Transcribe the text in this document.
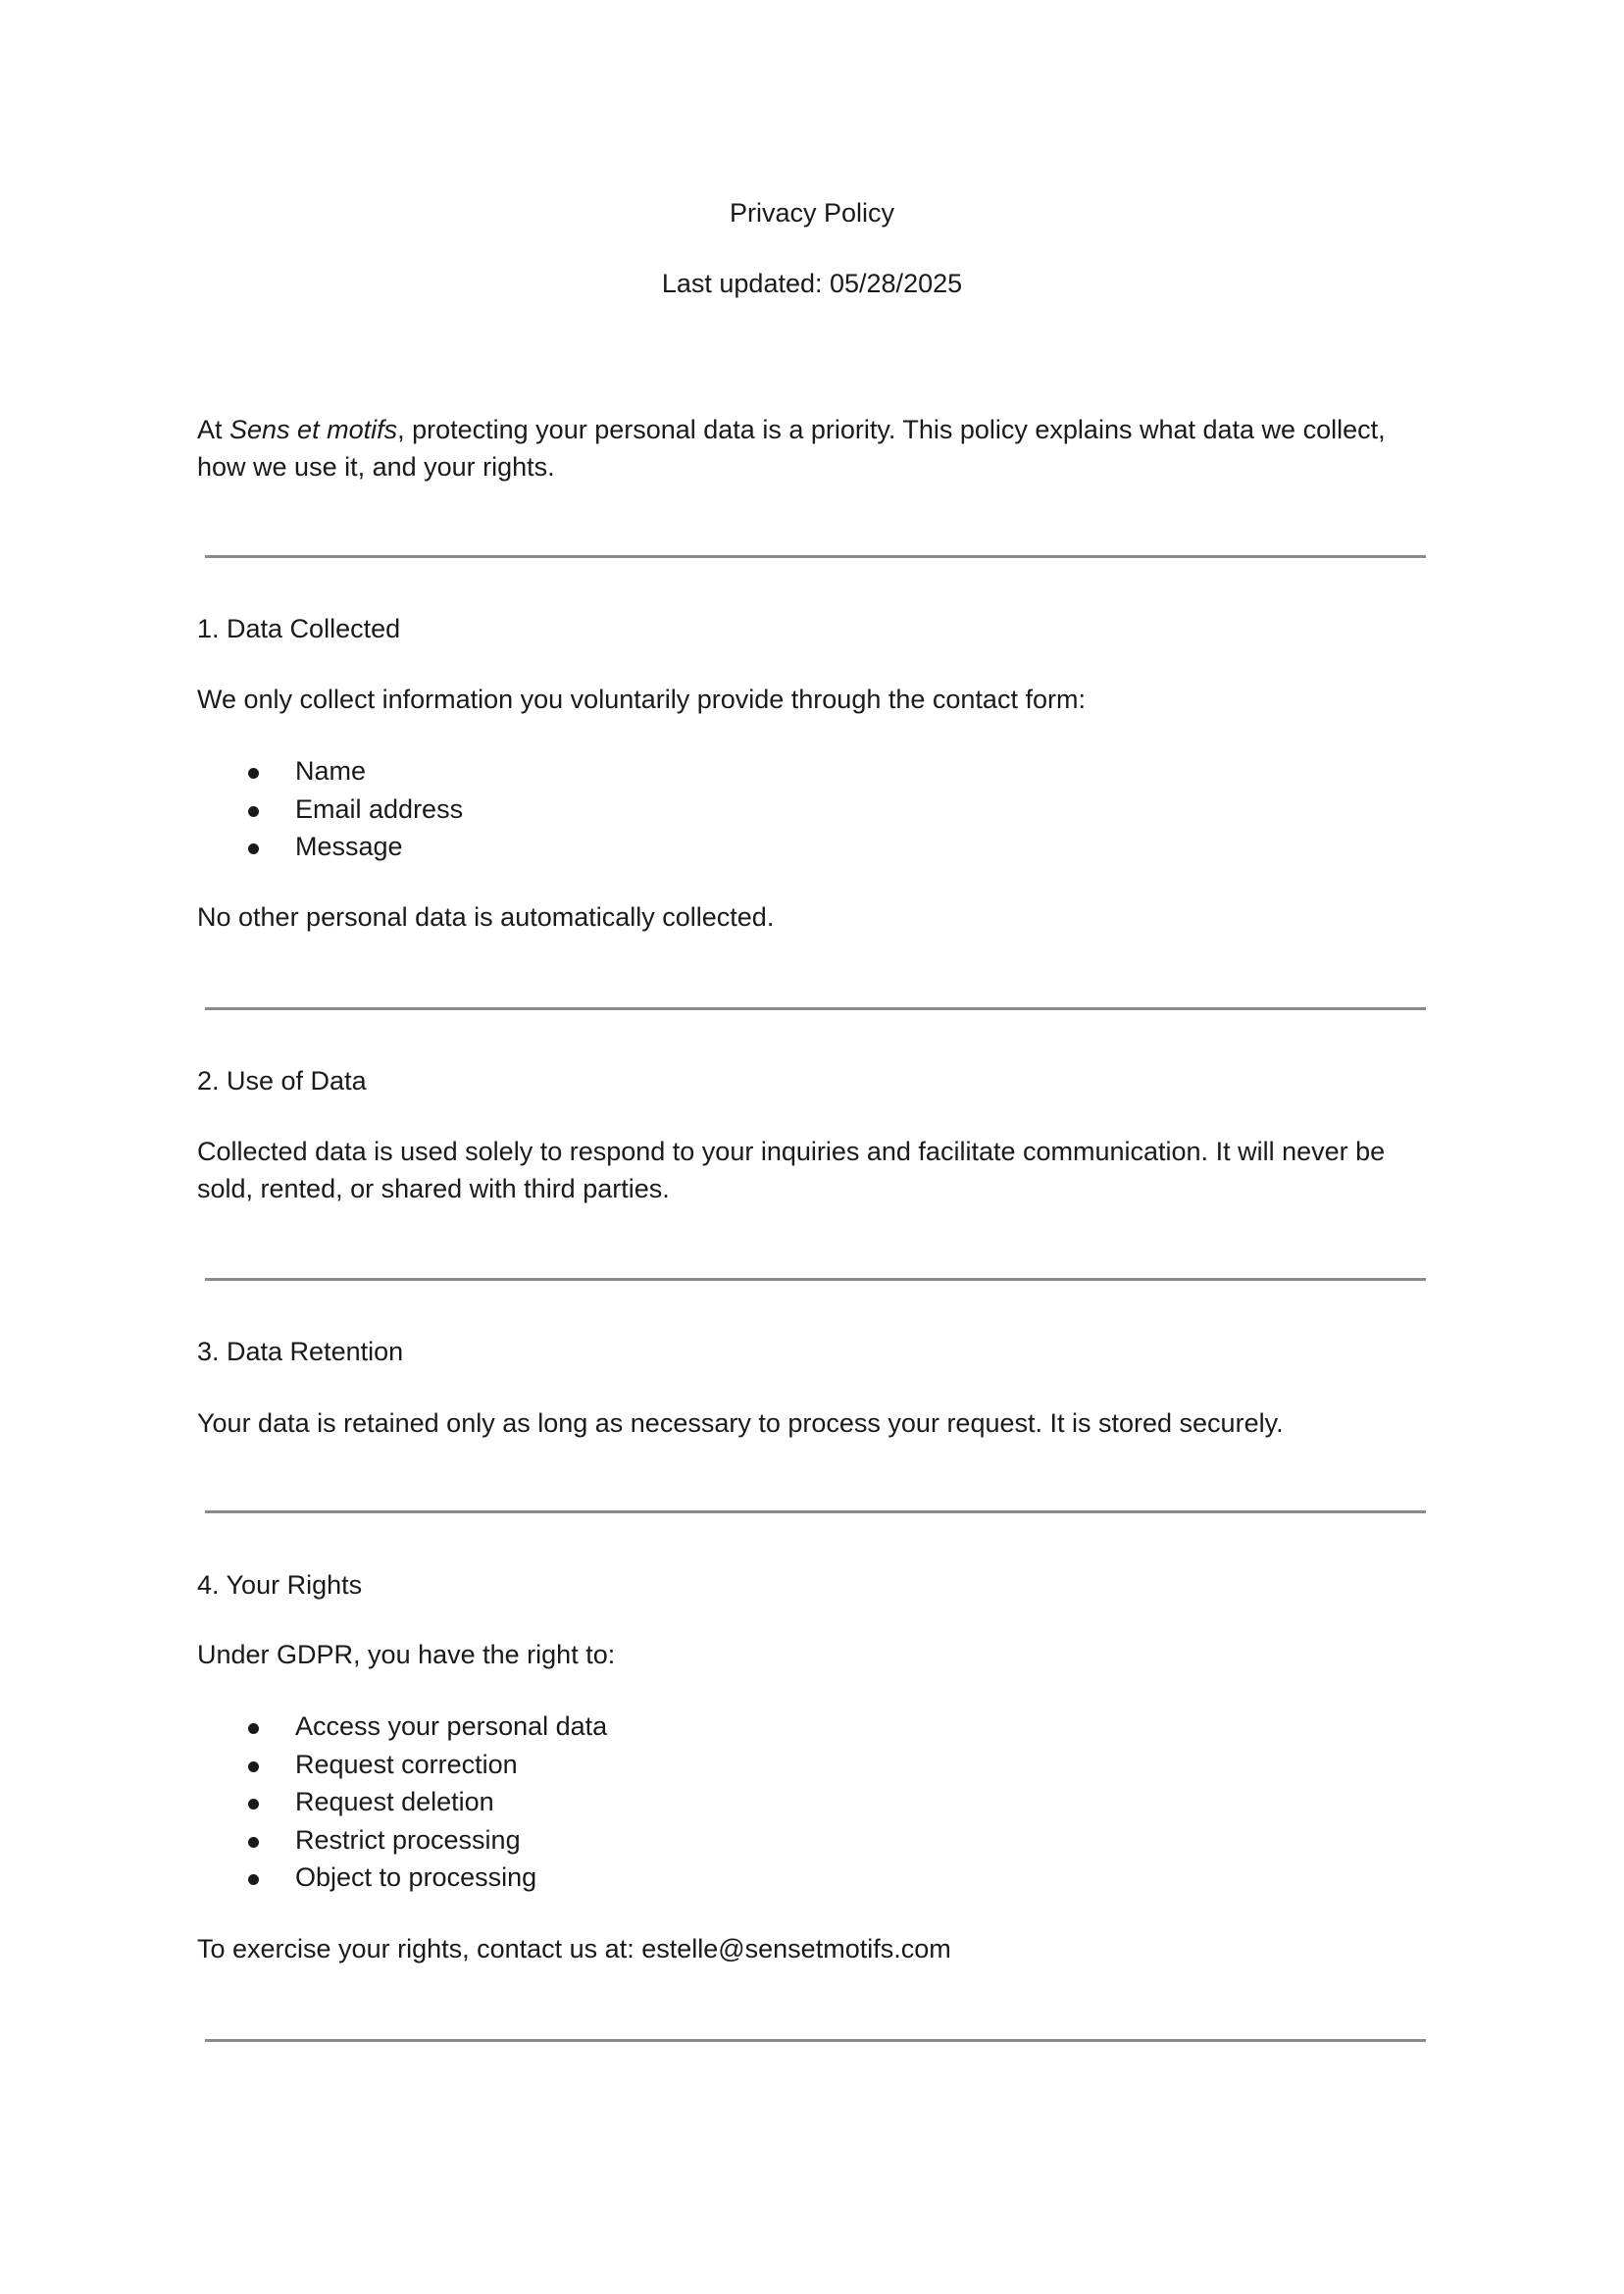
Privacy Policy

Last updated: 05/28/2025

At Sens et motifs, protecting your personal data is a priority. This policy explains what data we collect,
how we use it, and your rights.

1. Data Collected

We only collect information you voluntarily provide through the contact form:

Name
Email address
Message

No other personal data is automatically collected.

2. Use of Data

Collected data is used solely to respond to your inquiries and facilitate communication. It will never be
sold, rented, or shared with third parties.

3. Data Retention

Your data is retained only as long as necessary to process your request. It is stored securely.

4. Your Rights

Under GDPR, you have the right to:

Access your personal data
Request correction
Request deletion
Restrict processing
Object to processing

To exercise your rights, contact us at: estelle@sensetmotifs.com
